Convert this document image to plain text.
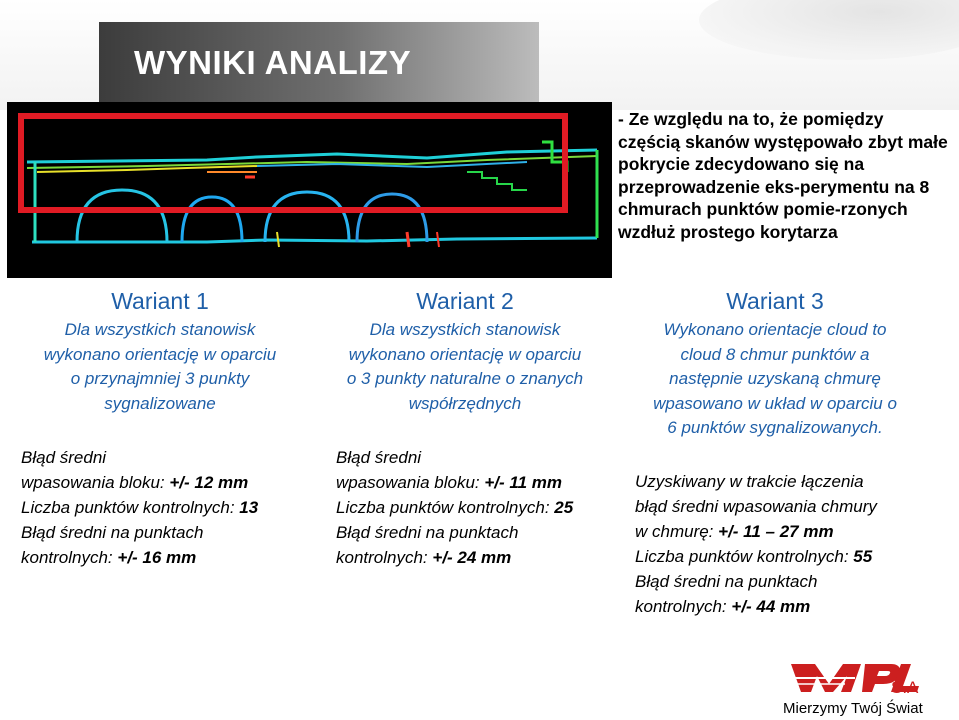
WYNIKI ANALIZY
- Ze względu na to, że pomiędzy częścią skanów występowało zbyt małe pokrycie zdecydowano się na przeprowadzenie eks-perymentu na 8 chmurach punktów pomie-rzonych wzdłuż prostego korytarza
Wariant 1
Dla wszystkich stanowisk
wykonano orientację w oparciu
o przynajmniej 3 punkty
sygnalizowane
Błąd średni
wpasowania bloku: +/- 12 mm
Liczba punktów kontrolnych: 13
Błąd średni na punktach
kontrolnych: +/- 16 mm
Wariant 2
Dla wszystkich stanowisk
wykonano orientację w oparciu
o 3 punkty naturalne o znanych
współrzędnych
Błąd średni
wpasowania bloku: +/- 11 mm
Liczba punktów kontrolnych: 25
Błąd średni na punktach
kontrolnych: +/- 24 mm
Wariant 3
Wykonano orientacje cloud to
cloud 8 chmur punktów a
następnie uzyskaną chmurę
wpasowano w układ w oparciu o
6 punktów sygnalizowanych.
Uzyskiwany w trakcie łączenia
błąd średni wpasowania chmury
w chmurę: +/- 11 – 27 mm
Liczba punktów kontrolnych: 55
Błąd średni na punktach
kontrolnych: +/- 44 mm
S.A
Mierzymy Twój Świat
